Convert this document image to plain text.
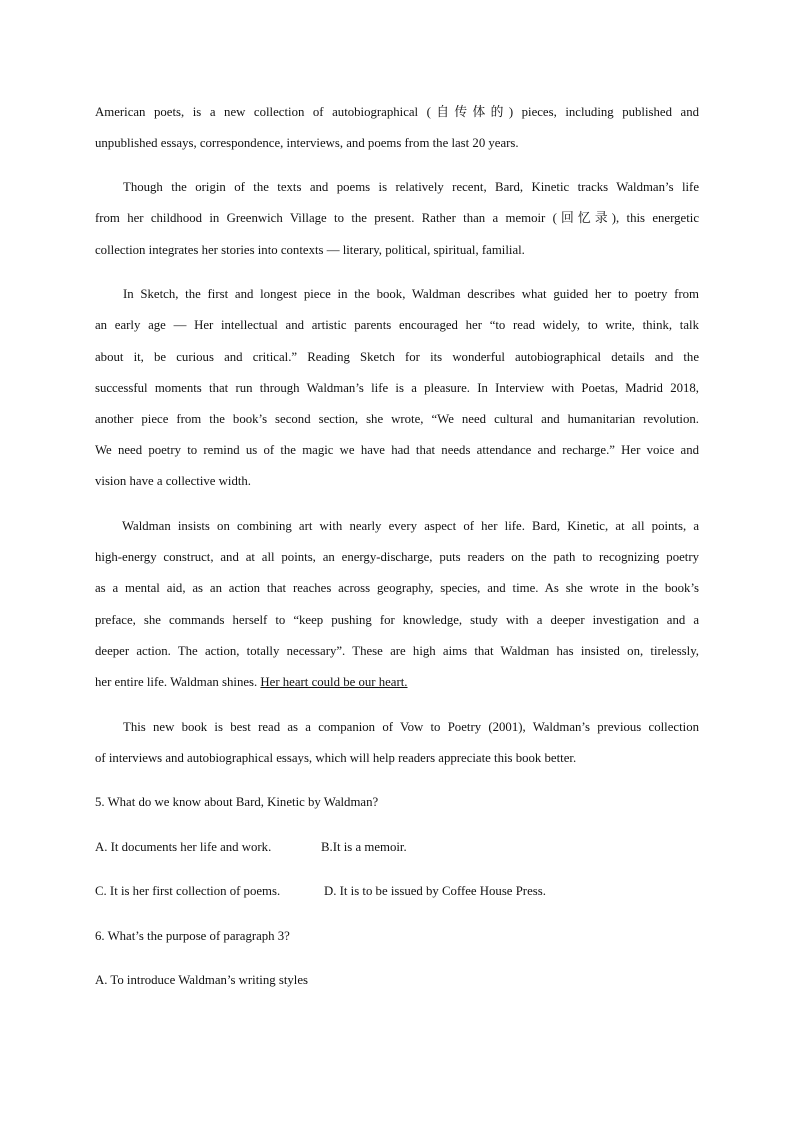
American poets, is a new collection of autobiographical (自传体的) pieces, including published and

unpublished essays, correspondence, interviews, and poems from the last 20 years.

Though the origin of the texts and poems is relatively recent, Bard, Kinetic tracks Waldman’s life

from her childhood in Greenwich Village to the present. Rather than a memoir (回忆录), this energetic

collection integrates her stories into contexts — literary, political, spiritual, familial.

In Sketch, the first and longest piece in the book, Waldman describes what guided her to poetry from

an early age — Her intellectual and artistic parents encouraged her “to read widely, to write, think, talk

about it, be curious and critical.” Reading Sketch for its wonderful autobiographical details and the

successful moments that run through Waldman’s life is a pleasure. In Interview with Poetas, Madrid 2018,

another piece from the book’s second section, she wrote, “We need cultural and humanitarian revolution.

We need poetry to remind us of the magic we have had that needs attendance and recharge.” Her voice and

vision have a collective width.

Waldman insists on combining art with nearly every aspect of her life. Bard, Kinetic, at all points, a

high-energy construct, and at all points, an energy-discharge, puts readers on the path to recognizing poetry

as a mental aid, as an action that reaches across geography, species, and time. As she wrote in the book’s

preface, she commands herself to “keep pushing for knowledge, study with a deeper investigation and a

deeper action. The action, totally necessary”. These are high aims that Waldman has insisted on, tirelessly,

her entire life. Waldman shines. Her heart could be our heart.

This new book is best read as a companion of Vow to Poetry (2001), Waldman’s previous collection

of interviews and autobiographical essays, which will help readers appreciate this book better.

5. What do we know about Bard, Kinetic by Waldman?

A. It documents her life and work.	B.It is a memoir.
C. It is her first collection of poems.	D. It is to be issued by Coffee House Press.

6. What’s the purpose of paragraph 3?

A. To introduce Waldman’s writing styles
